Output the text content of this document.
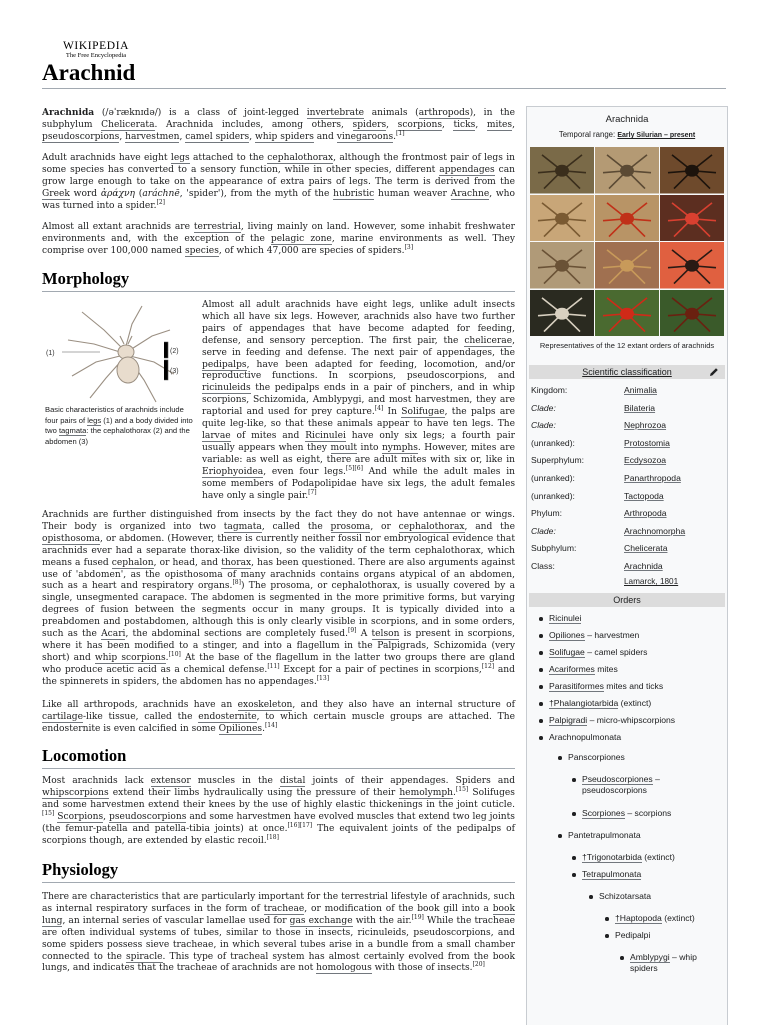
WIKIPEDIA
The Free Encyclopedia
Arachnid

Arachnida (/əˈræknɪdə/) is a class of joint-legged invertebrate animals (arthropods), in the subphylum Chelicerata. Arachnida includes, among others, spiders, scorpions, ticks, mites, pseudoscorpions, harvestmen, camel spiders, whip spiders and vinegaroons.[1]

Adult arachnids have eight legs attached to the cephalothorax, although the frontmost pair of legs in some species has converted to a sensory function, while in other species, different appendages can grow large enough to take on the appearance of extra pairs of legs. The term is derived from the Greek word ἀράχνη (aráchnē, 'spider'), from the myth of the hubristic human weaver Arachne, who was turned into a spider.[2]

Almost all extant arachnids are terrestrial, living mainly on land. However, some inhabit freshwater environments and, with the exception of the pelagic zone, marine environments as well. They comprise over 100,000 named species, of which 47,000 are species of spiders.[3]

Morphology
(1)	(2)
(3)
Basic characteristics of arachnids include four pairs of legs (1) and a body divided into two tagmata: the cephalothorax (2) and the abdomen (3)

Almost all adult arachnids have eight legs, unlike adult insects which all have six legs. However, arachnids also have two further pairs of appendages that have become adapted for feeding, defense, and sensory perception. The first pair, the chelicerae, serve in feeding and defense. The next pair of appendages, the pedipalps, have been adapted for feeding, locomotion, and/or reproductive functions. In scorpions, pseudoscorpions, and ricinuleids the pedipalps ends in a pair of pinchers, and in whip scorpions, Schizomida, Amblypygi, and most harvestmen, they are raptorial and used for prey capture.[4] In Solifugae, the palps are quite leg-like, so that these animals appear to have ten legs. The larvae of mites and Ricinulei have only six legs; a fourth pair usually appears when they moult into nymphs. However, mites are variable: as well as eight, there are adult mites with six or, like in Eriophyoidea, even four legs.[5][6] And while the adult males in some members of Podapolipidae have six legs, the adult females have only a single pair.[7]

Arachnids are further distinguished from insects by the fact they do not have antennae or wings. Their body is organized into two tagmata, called the prosoma, or cephalothorax, and the opisthosoma, or abdomen. (However, there is currently neither fossil nor embryological evidence that arachnids ever had a separate thorax-like division, so the validity of the term cephalothorax, which means a fused cephalon, or head, and thorax, has been questioned. There are also arguments against use of 'abdomen', as the opisthosoma of many arachnids contains organs atypical of an abdomen, such as a heart and respiratory organs.[8]) The prosoma, or cephalothorax, is usually covered by a single, unsegmented carapace. The abdomen is segmented in the more primitive forms, but varying degrees of fusion between the segments occur in many groups. It is typically divided into a preabdomen and postabdomen, although this is only clearly visible in scorpions, and in some orders, such as the Acari, the abdominal sections are completely fused.[9] A telson is present in scorpions, where it has been modified to a stinger, and into a flagellum in the Palpigrads, Schizomida (very short) and whip scorpions.[10] At the base of the flagellum in the latter two groups there are gland who produce acetic acid as a chemical defense.[11] Except for a pair of pectines in scorpions,[12] and the spinnerets in spiders, the abdomen has no appendages.[13]

Like all arthropods, arachnids have an exoskeleton, and they also have an internal structure of cartilage-like tissue, called the endosternite, to which certain muscle groups are attached. The endosternite is even calcified in some Opiliones.[14]

Locomotion

Most arachnids lack extensor muscles in the distal joints of their appendages. Spiders and whipscorpions extend their limbs hydraulically using the pressure of their hemolymph.[15] Solifuges and some harvestmen extend their knees by the use of highly elastic thickenings in the joint cuticle.[15] Scorpions, pseudoscorpions and some harvestmen have evolved muscles that extend two leg joints (the femur-patella and patella-tibia joints) at once.[16][17] The equivalent joints of the pedipalps of scorpions though, are extended by elastic recoil.[18]

Physiology

There are characteristics that are particularly important for the terrestrial lifestyle of arachnids, such as internal respiratory surfaces in the form of tracheae, or modification of the book gill into a book lung, an internal series of vascular lamellae used for gas exchange with the air.[19] While the tracheae are often individual systems of tubes, similar to those in insects, ricinuleids, pseudoscorpions, and some spiders possess sieve tracheae, in which several tubes arise in a bundle from a small chamber connected to the spiracle. This type of tracheal system has almost certainly evolved from the book lungs, and indicates that the tracheae of arachnids are not homologous with those of insects.[20]

Arachnida
Temporal range: Early Silurian – present
Representatives of the 12 extant orders of arachnids
Scientific classification
Kingdom:	Animalia
Clade:	Bilateria
Clade:	Nephrozoa
(unranked):	Protostomia
Superphylum:	Ecdysozoa
(unranked):	Panarthropoda
(unranked):	Tactopoda
Phylum:	Arthropoda
Clade:	Arachnomorpha
Subphylum:	Chelicerata
Class:	Arachnida
Lamarck, 1801
Orders
Ricinulei
Opiliones – harvestmen
Solifugae – camel spiders
Acariformes mites
Parasitiformes mites and ticks
†Phalangiotarbida (extinct)
Palpigradi – micro-whipscorpions
Arachnopulmonata
Panscorpiones
Pseudoscorpiones –
pseudoscorpions
Scorpiones – scorpions
Pantetrapulmonata
†Trigonotarbida (extinct)
Tetrapulmonata
Schizotarsata
†Haptopoda (extinct)
Pedipalpi
Amblypygi – whip
spiders
